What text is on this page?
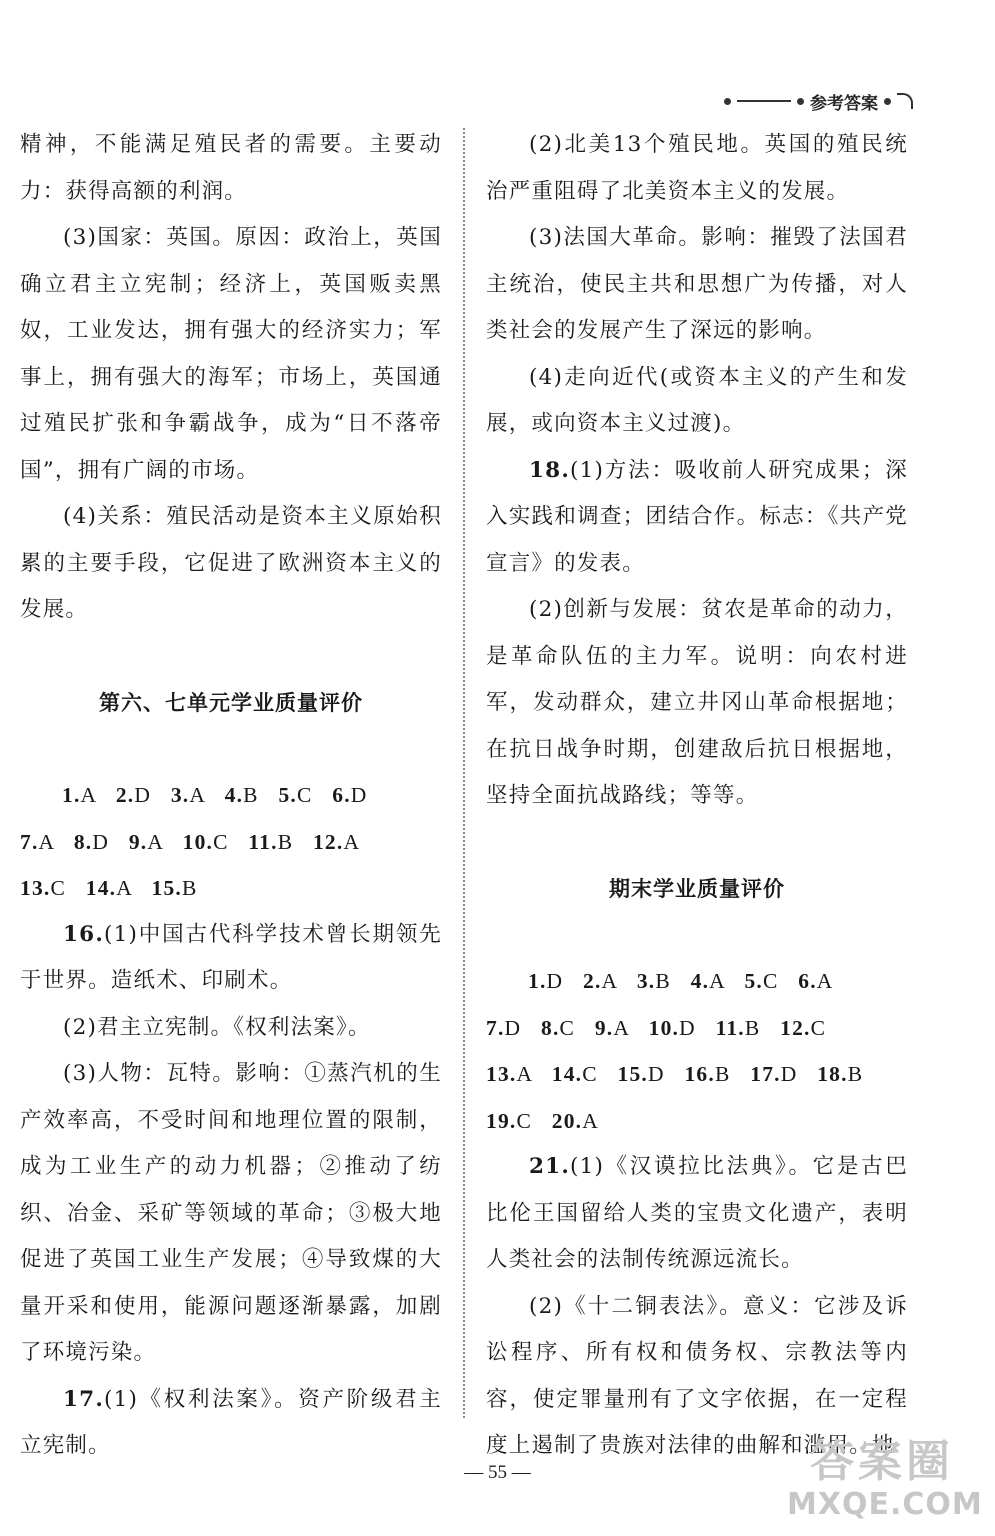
参考答案

精神，不能满足殖民者的需要。主要动力：获得高额的利润。

(3)国家：英国。原因：政治上，英国确立君主立宪制；经济上，英国贩卖黑奴，工业发达，拥有强大的经济实力；军事上，拥有强大的海军；市场上，英国通过殖民扩张和争霸战争，成为“日不落帝国”，拥有广阔的市场。

(4)关系：殖民活动是资本主义原始积累的主要手段，它促进了欧洲资本主义的发展。

第六、七单元学业质量评价

1.A 2.D 3.A 4.B 5.C 6.D

7.A 8.D 9.A 10.C 11.B 12.A

13.C 14.A 15.B

16.(1)中国古代科学技术曾长期领先于世界。造纸术、印刷术。

(2)君主立宪制。《权利法案》。

(3)人物：瓦特。影响：①蒸汽机的生产效率高，不受时间和地理位置的限制，成为工业生产的动力机器；②推动了纺织、冶金、采矿等领域的革命；③极大地促进了英国工业生产发展；④导致煤的大量开采和使用，能源问题逐渐暴露，加剧了环境污染。

17.(1)《权利法案》。资产阶级君主立宪制。

(2)北美13个殖民地。英国的殖民统治严重阻碍了北美资本主义的发展。

(3)法国大革命。影响：摧毁了法国君主统治，使民主共和思想广为传播，对人类社会的发展产生了深远的影响。

(4)走向近代(或资本主义的产生和发展，或向资本主义过渡)。

18.(1)方法：吸收前人研究成果；深入实践和调查；团结合作。标志：《共产党宣言》的发表。

(2)创新与发展：贫农是革命的动力，是革命队伍的主力军。说明：向农村进军，发动群众，建立井冈山革命根据地；在抗日战争时期，创建敌后抗日根据地，坚持全面抗战路线；等等。

期末学业质量评价

1.D 2.A 3.B 4.A 5.C 6.A

7.D 8.C 9.A 10.D 11.B 12.C

13.A 14.C 15.D 16.B 17.D 18.B

19.C 20.A

21.(1)《汉谟拉比法典》。它是古巴比伦王国留给人类的宝贵文化遗产，表明人类社会的法制传统源远流长。

(2)《十二铜表法》。意义：它涉及诉讼程序、所有权和债务权、宗教法等内容，使定罪量刑有了文字依据，在一定程度上遏制了贵族对法律的曲解和滥用。地

— 55 —	答案圈
MXQE.COM
